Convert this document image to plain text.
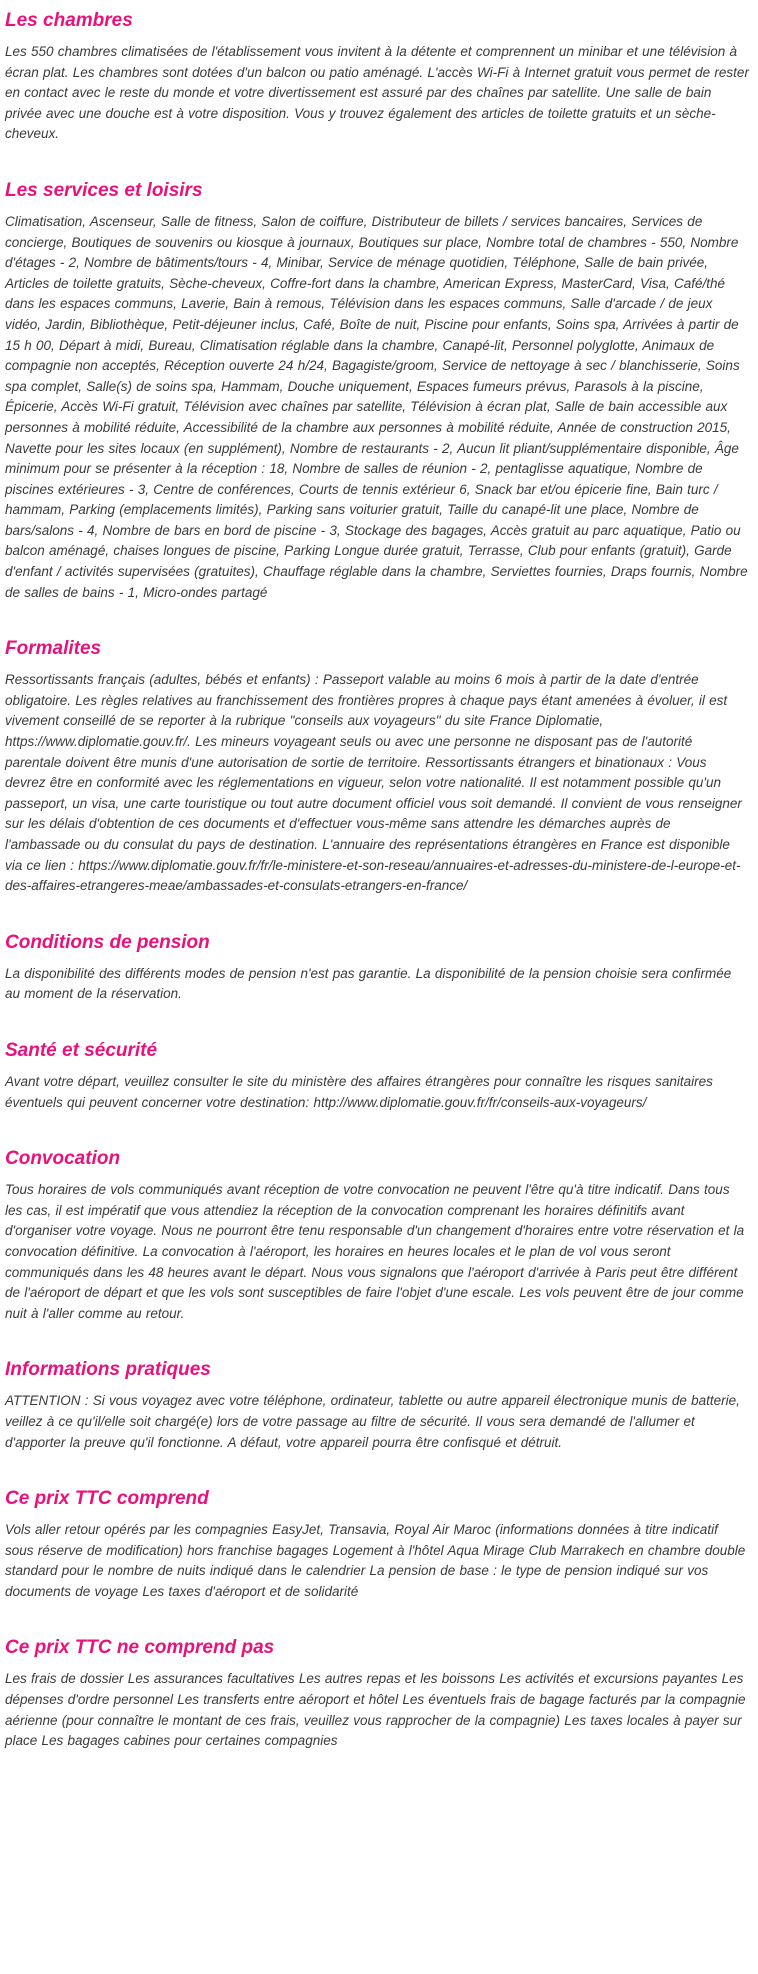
Les chambres

Les 550 chambres climatisées de l'établissement vous invitent à la détente et comprennent un minibar et une télévision à écran plat. Les chambres sont dotées d'un balcon ou patio aménagé. L'accès Wi-Fi à Internet gratuit vous permet de rester en contact avec le reste du monde et votre divertissement est assuré par des chaînes par satellite. Une salle de bain privée avec une douche est à votre disposition. Vous y trouvez également des articles de toilette gratuits et un sèche-cheveux.

Les services et loisirs

Climatisation, Ascenseur, Salle de fitness, Salon de coiffure, Distributeur de billets / services bancaires, Services de concierge, Boutiques de souvenirs ou kiosque à journaux, Boutiques sur place, Nombre total de chambres - 550, Nombre d'étages - 2, Nombre de bâtiments/tours - 4, Minibar, Service de ménage quotidien, Téléphone, Salle de bain privée, Articles de toilette gratuits, Sèche-cheveux, Coffre-fort dans la chambre, American Express, MasterCard, Visa, Café/thé dans les espaces communs, Laverie, Bain à remous, Télévision dans les espaces communs, Salle d'arcade / de jeux vidéo, Jardin, Bibliothèque, Petit-déjeuner inclus, Café, Boîte de nuit, Piscine pour enfants, Soins spa, Arrivées à partir de 15 h 00, Départ à midi, Bureau, Climatisation réglable dans la chambre, Canapé-lit, Personnel polyglotte, Animaux de compagnie non acceptés, Réception ouverte 24 h/24, Bagagiste/groom, Service de nettoyage à sec / blanchisserie, Soins spa complet, Salle(s) de soins spa, Hammam, Douche uniquement, Espaces fumeurs prévus, Parasols à la piscine, Épicerie, Accès Wi-Fi gratuit, Télévision avec chaînes par satellite, Télévision à écran plat, Salle de bain accessible aux personnes à mobilité réduite, Accessibilité de la chambre aux personnes à mobilité réduite, Année de construction 2015, Navette pour les sites locaux (en supplément), Nombre de restaurants - 2, Aucun lit pliant/supplémentaire disponible, Âge minimum pour se présenter à la réception : 18, Nombre de salles de réunion - 2, pentaglisse aquatique, Nombre de piscines extérieures - 3, Centre de conférences, Courts de tennis extérieur 6, Snack bar et/ou épicerie fine, Bain turc / hammam, Parking (emplacements limités), Parking sans voiturier gratuit, Taille du canapé-lit une place, Nombre de bars/salons - 4, Nombre de bars en bord de piscine - 3, Stockage des bagages, Accès gratuit au parc aquatique, Patio ou balcon aménagé, chaises longues de piscine, Parking Longue durée gratuit, Terrasse, Club pour enfants (gratuit), Garde d'enfant / activités supervisées (gratuites), Chauffage réglable dans la chambre, Serviettes fournies, Draps fournis, Nombre de salles de bains - 1, Micro-ondes partagé

Formalites

Ressortissants français (adultes, bébés et enfants) : Passeport valable au moins 6 mois à partir de la date d'entrée obligatoire. Les règles relatives au franchissement des frontières propres à chaque pays étant amenées à évoluer, il est vivement conseillé de se reporter à la rubrique "conseils aux voyageurs" du site France Diplomatie, https://www.diplomatie.gouv.fr/. Les mineurs voyageant seuls ou avec une personne ne disposant pas de l'autorité parentale doivent être munis d'une autorisation de sortie de territoire. Ressortissants étrangers et binationaux : Vous devrez être en conformité avec les réglementations en vigueur, selon votre nationalité. Il est notamment possible qu'un passeport, un visa, une carte touristique ou tout autre document officiel vous soit demandé. Il convient de vous renseigner sur les délais d'obtention de ces documents et d'effectuer vous-même sans attendre les démarches auprès de l'ambassade ou du consulat du pays de destination. L'annuaire des représentations étrangères en France est disponible via ce lien : https://www.diplomatie.gouv.fr/fr/le-ministere-et-son-reseau/annuaires-et-adresses-du-ministere-de-l-europe-et-des-affaires-etrangeres-meae/ambassades-et-consulats-etrangers-en-france/

Conditions de pension

La disponibilité des différents modes de pension n'est pas garantie. La disponibilité de la pension choisie sera confirmée au moment de la réservation.

Santé et sécurité

Avant votre départ, veuillez consulter le site du ministère des affaires étrangères pour connaître les risques sanitaires éventuels qui peuvent concerner votre destination: http://www.diplomatie.gouv.fr/fr/conseils-aux-voyageurs/

Convocation

Tous horaires de vols communiqués avant réception de votre convocation ne peuvent l'être qu'à titre indicatif. Dans tous les cas, il est impératif que vous attendiez la réception de la convocation comprenant les horaires définitifs avant d'organiser votre voyage. Nous ne pourront être tenu responsable d'un changement d'horaires entre votre réservation et la convocation définitive. La convocation à l'aéroport, les horaires en heures locales et le plan de vol vous seront communiqués dans les 48 heures avant le départ. Nous vous signalons que l'aéroport d'arrivée à Paris peut être différent de l'aéroport de départ et que les vols sont susceptibles de faire l'objet d'une escale. Les vols peuvent être de jour comme nuit à l'aller comme au retour.

Informations pratiques

ATTENTION : Si vous voyagez avec votre téléphone, ordinateur, tablette ou autre appareil électronique munis de batterie, veillez à ce qu'il/elle soit chargé(e) lors de votre passage au filtre de sécurité. Il vous sera demandé de l'allumer et d'apporter la preuve qu'il fonctionne. A défaut, votre appareil pourra être confisqué et détruit.

Ce prix TTC comprend

Vols aller retour opérés par les compagnies EasyJet, Transavia, Royal Air Maroc (informations données à titre indicatif sous réserve de modification) hors franchise bagages Logement à l'hôtel Aqua Mirage Club Marrakech en chambre double standard pour le nombre de nuits indiqué dans le calendrier La pension de base : le type de pension indiqué sur vos documents de voyage Les taxes d'aéroport et de solidarité

Ce prix TTC ne comprend pas

Les frais de dossier Les assurances facultatives Les autres repas et les boissons Les activités et excursions payantes Les dépenses d'ordre personnel Les transferts entre aéroport et hôtel Les éventuels frais de bagage facturés par la compagnie aérienne (pour connaître le montant de ces frais, veuillez vous rapprocher de la compagnie) Les taxes locales à payer sur place Les bagages cabines pour certaines compagnies
